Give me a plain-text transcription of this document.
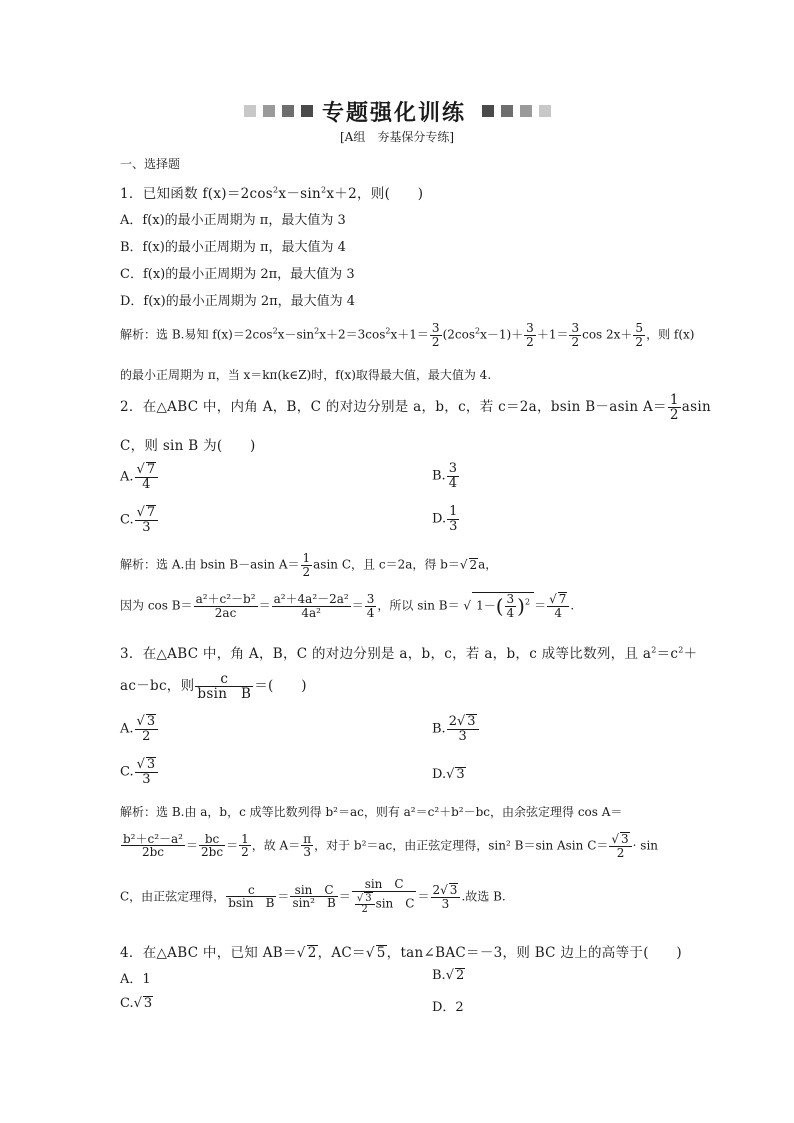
专题强化训练
[A组　夯基保分专练]
一、选择题
1．已知函数 $f(x)=2\cos^2x-\sin^2x+2$，则(　　)
A．f(x)的最小正周期为 π，最大值为 3
B．f(x)的最小正周期为 π，最大值为 4
C．f(x)的最小正周期为 2π，最大值为 3
D．f(x)的最小正周期为 2π，最大值为 4
解析：选 B.易知 $f(x)=2\cos^2x-\sin^2x+2=3\cos^2x+1= \frac{3}{2} (2\cos^2x-1)+ \frac{3}{2} +1= \frac{3}{2}$ $\cos 2x+ \frac{5}{2}$ ，则 f(x)
的最小正周期为 π，当 x＝kπ(k∈Z)时，f(x)取得最大值，最大值为 4.
2．在△ABC 中，内角 A，B，C 的对边分别是 a，b，c，若 c＝2a，bsin B－asin $A= \frac{1}{2}$ asin
C，则 sin B 为(　　)
A. $\frac{√ 7}{4}$	B. $\frac{3}{4}$
C. $\frac{√ 7}{3}$	D. $\frac{1}{3}$
解析：选 A.由 bsin B－asin $A= \frac{1}{2}$ asin C，且 c＝2a，得 b＝√ 2a，
因为 $\cos B= \frac{\text{a²＋c²－b²}}{2ac} = \frac{\text{a²＋4a²－2a²}}{\text{4a²}} = \frac{3}{4}$ ，所以 sin B＝ √ $1-( \frac{3}{4} )^2 = \frac{√ 7}{4}$ .
3．在△ABC 中，角 A，B，C 的对边分别是 a，b，c，若 a，b，c 成等比数列，且 $a^2=c^2+$
ac－bc，则 $\frac{c}{\text{bsin　B}}$ ＝(　　)
A. $\frac{√ 3}{2}$	B. $\frac{2√ 3}{3}$
C. $\frac{√ 3}{3}$	D.√ 3
解析：选 B.由 a，b，c 成等比数列得 b²＝ac，则有 a²＝c²＋b²－bc，由余弦定理得 cos A＝
$\frac{\text{b²＋c²－a²}}{2bc} = \frac{bc}{2bc} = \frac{1}{2}$ ，故 $A= \frac{\pi}{3}$ ，对于 b²＝ac，由正弦定理得，sin² B＝sin Asin $C= \frac{√ 3}{2} \cdot \sin$
C，由正弦定理得， $\frac{c}{\text{bsin　B}} = \frac{\text{sin　C}}{\text{sin²　B}} = \frac{\text{sin　C}}{\frac{√ 3}{2} \sin C} = \frac{2√ 3}{3}$ .故选 B.
4．在△ABC 中，已知 AB＝√ 2，AC＝√ 5，tan∠BAC＝－3，则 BC 边上的高等于(　　)
A．1	B.√ 2
C.√ 3	D．2
